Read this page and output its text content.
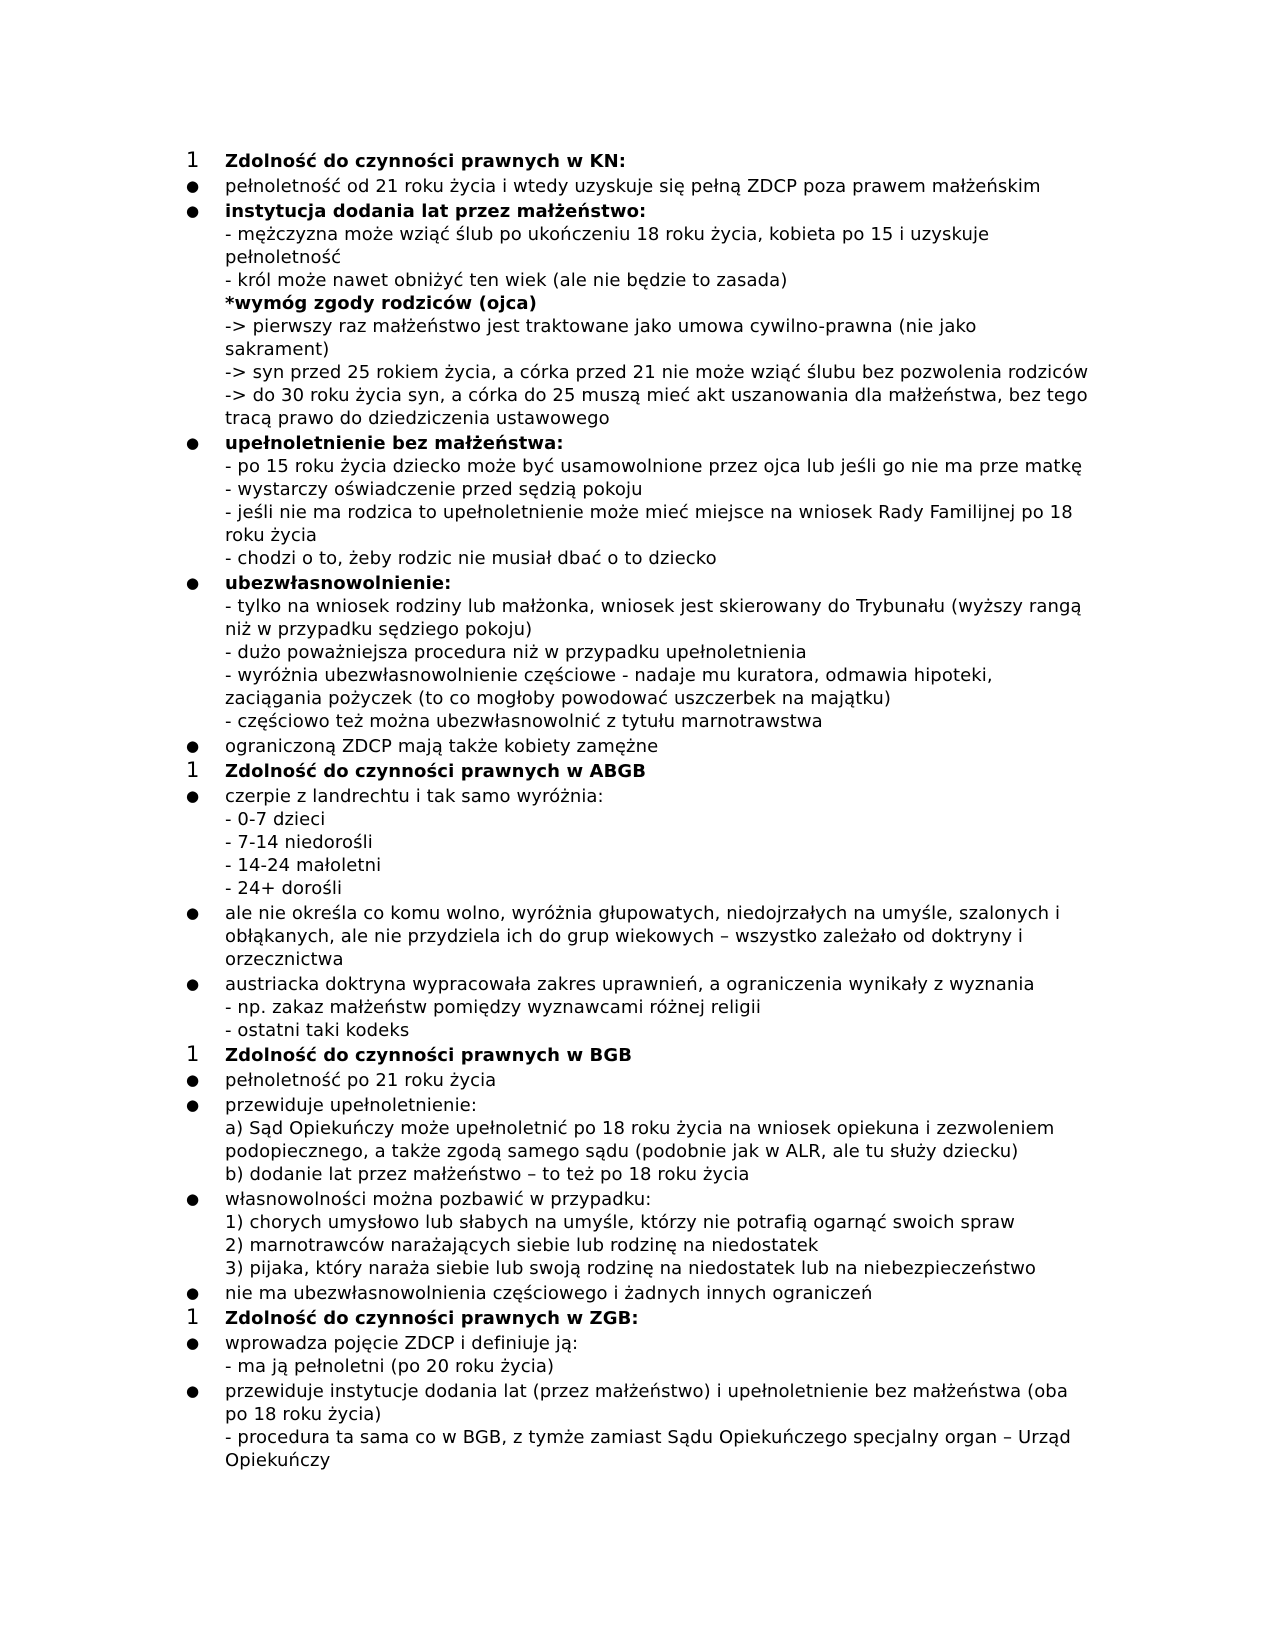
1	Zdolność do czynności prawnych w KN:
●	pełnoletność od 21 roku życia i wtedy uzyskuje się pełną ZDCP poza prawem małżeńskim
●	instytucja dodania lat przez małżeństwo:
- mężczyzna może wziąć ślub po ukończeniu 18 roku życia, kobieta po 15 i uzyskuje
pełnoletność
- król może nawet obniżyć ten wiek (ale nie będzie to zasada)
*wymóg zgody rodziców (ojca)
-> pierwszy raz małżeństwo jest traktowane jako umowa cywilno-prawna (nie jako
sakrament)
-> syn przed 25 rokiem życia, a córka przed 21 nie może wziąć ślubu bez pozwolenia rodziców
-> do 30 roku życia syn, a córka do 25 muszą mieć akt uszanowania dla małżeństwa, bez tego
tracą prawo do dziedziczenia ustawowego
●	upełnoletnienie bez małżeństwa:
- po 15 roku życia dziecko może być usamowolnione przez ojca lub jeśli go nie ma prze matkę
- wystarczy oświadczenie przed sędzią pokoju
- jeśli nie ma rodzica to upełnoletnienie może mieć miejsce na wniosek Rady Familijnej po 18
roku życia
- chodzi o to, żeby rodzic nie musiał dbać o to dziecko
●	ubezwłasnowolnienie:
- tylko na wniosek rodziny lub małżonka, wniosek jest skierowany do Trybunału (wyższy rangą
niż w przypadku sędziego pokoju)
- dużo poważniejsza procedura niż w przypadku upełnoletnienia
- wyróżnia ubezwłasnowolnienie częściowe - nadaje mu kuratora, odmawia hipoteki,
zaciągania pożyczek (to co mogłoby powodować uszczerbek na majątku)
- częściowo też można ubezwłasnowolnić z tytułu marnotrawstwa
●	ograniczoną ZDCP mają także kobiety zamężne
1	Zdolność do czynności prawnych w ABGB
●	czerpie z landrechtu i tak samo wyróżnia:
- 0-7 dzieci
- 7-14 niedorośli
- 14-24 małoletni
- 24+ dorośli
●	ale nie określa co komu wolno, wyróżnia głupowatych, niedojrzałych na umyśle, szalonych i
obłąkanych, ale nie przydziela ich do grup wiekowych – wszystko zależało od doktryny i
orzecznictwa
●	austriacka doktryna wypracowała zakres uprawnień, a ograniczenia wynikały z wyznania
- np. zakaz małżeństw pomiędzy wyznawcami różnej religii
- ostatni taki kodeks
1	Zdolność do czynności prawnych w BGB
●	pełnoletność po 21 roku życia
●	przewiduje upełnoletnienie:
a) Sąd Opiekuńczy może upełnoletnić po 18 roku życia na wniosek opiekuna i zezwoleniem
podopiecznego, a także zgodą samego sądu (podobnie jak w ALR, ale tu służy dziecku)
b) dodanie lat przez małżeństwo – to też po 18 roku życia
●	własnowolności można pozbawić w przypadku:
1) chorych umysłowo lub słabych na umyśle, którzy nie potrafią ogarnąć swoich spraw
2) marnotrawców narażających siebie lub rodzinę na niedostatek
3) pijaka, który naraża siebie lub swoją rodzinę na niedostatek lub na niebezpieczeństwo
●	nie ma ubezwłasnowolnienia częściowego i żadnych innych ograniczeń
1	Zdolność do czynności prawnych w ZGB:
●	wprowadza pojęcie ZDCP i definiuje ją:
- ma ją pełnoletni (po 20 roku życia)
●	przewiduje instytucje dodania lat (przez małżeństwo) i upełnoletnienie bez małżeństwa (oba
po 18 roku życia)
- procedura ta sama co w BGB, z tymże zamiast Sądu Opiekuńczego specjalny organ – Urząd
Opiekuńczy
